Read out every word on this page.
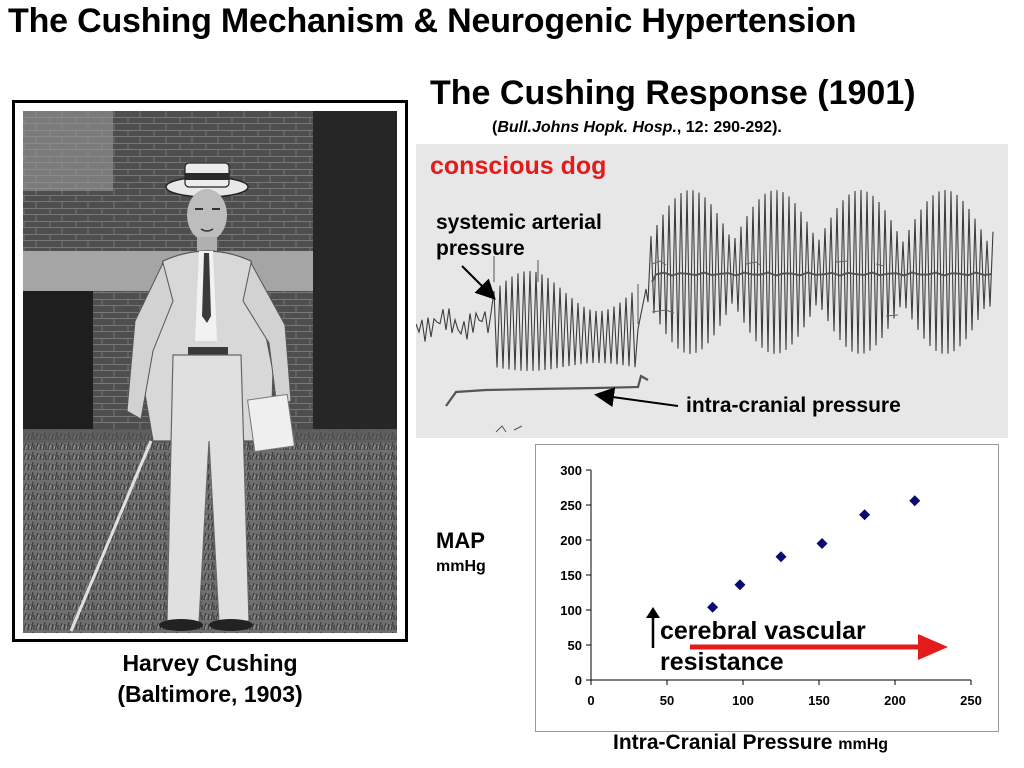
The Cushing Mechanism & Neurogenic Hypertension
Harvey Cushing
(Baltimore, 1903)
The Cushing Response (1901)
(Bull.Johns Hopk. Hosp., 12: 290-292).
conscious dog
systemic arterial pressure
intra-cranial pressure
MAP
mmHg
0
50
100
150
200
250
300
0	50	100	150	200	250
Intra-Cranial Pressure mmHg
cerebral vascular
resistance
